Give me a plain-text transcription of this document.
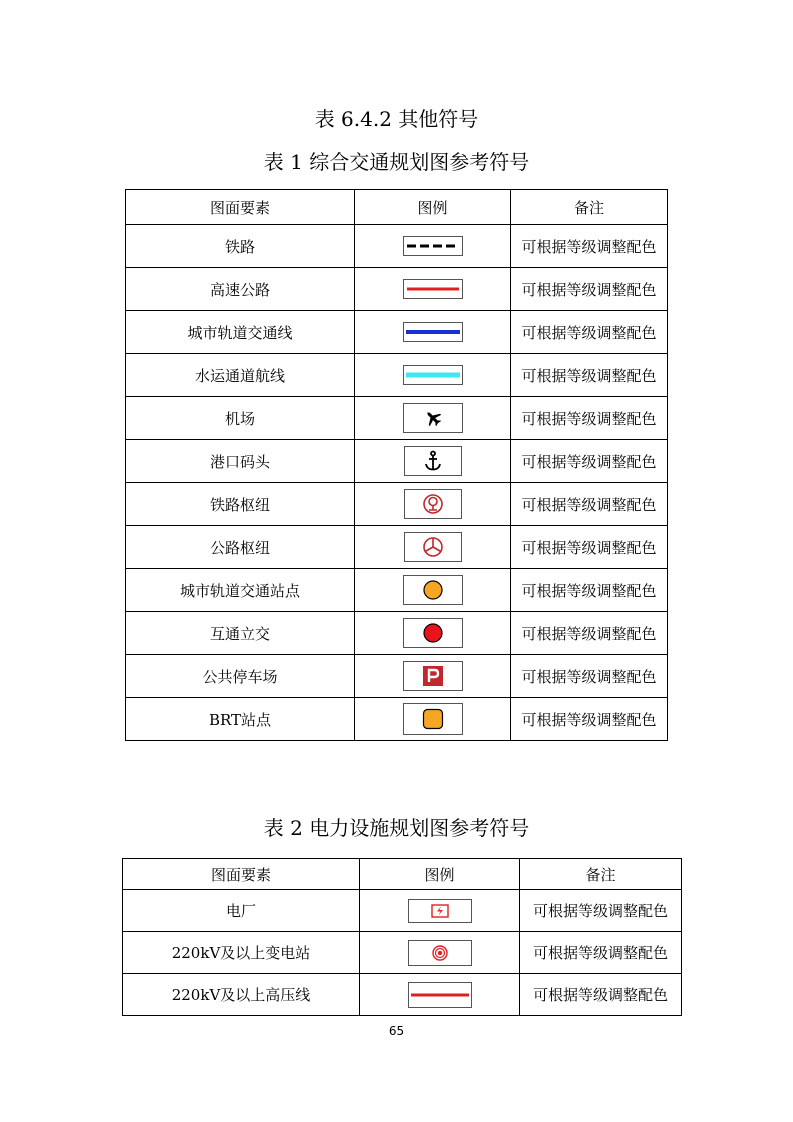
表 6.4.2 其他符号
表 1 综合交通规划图参考符号
图面要素	图例	备注
铁路		可根据等级调整配色
高速公路		可根据等级调整配色
城市轨道交通线		可根据等级调整配色
水运通道航线		可根据等级调整配色
机场		可根据等级调整配色
港口码头		可根据等级调整配色
铁路枢纽		可根据等级调整配色
公路枢纽		可根据等级调整配色
城市轨道交通站点		可根据等级调整配色
互通立交		可根据等级调整配色
公共停车场		可根据等级调整配色
BRT站点		可根据等级调整配色
表 2 电力设施规划图参考符号
图面要素	图例	备注
电厂		可根据等级调整配色
220kV及以上变电站		可根据等级调整配色
220kV及以上高压线		可根据等级调整配色
65
